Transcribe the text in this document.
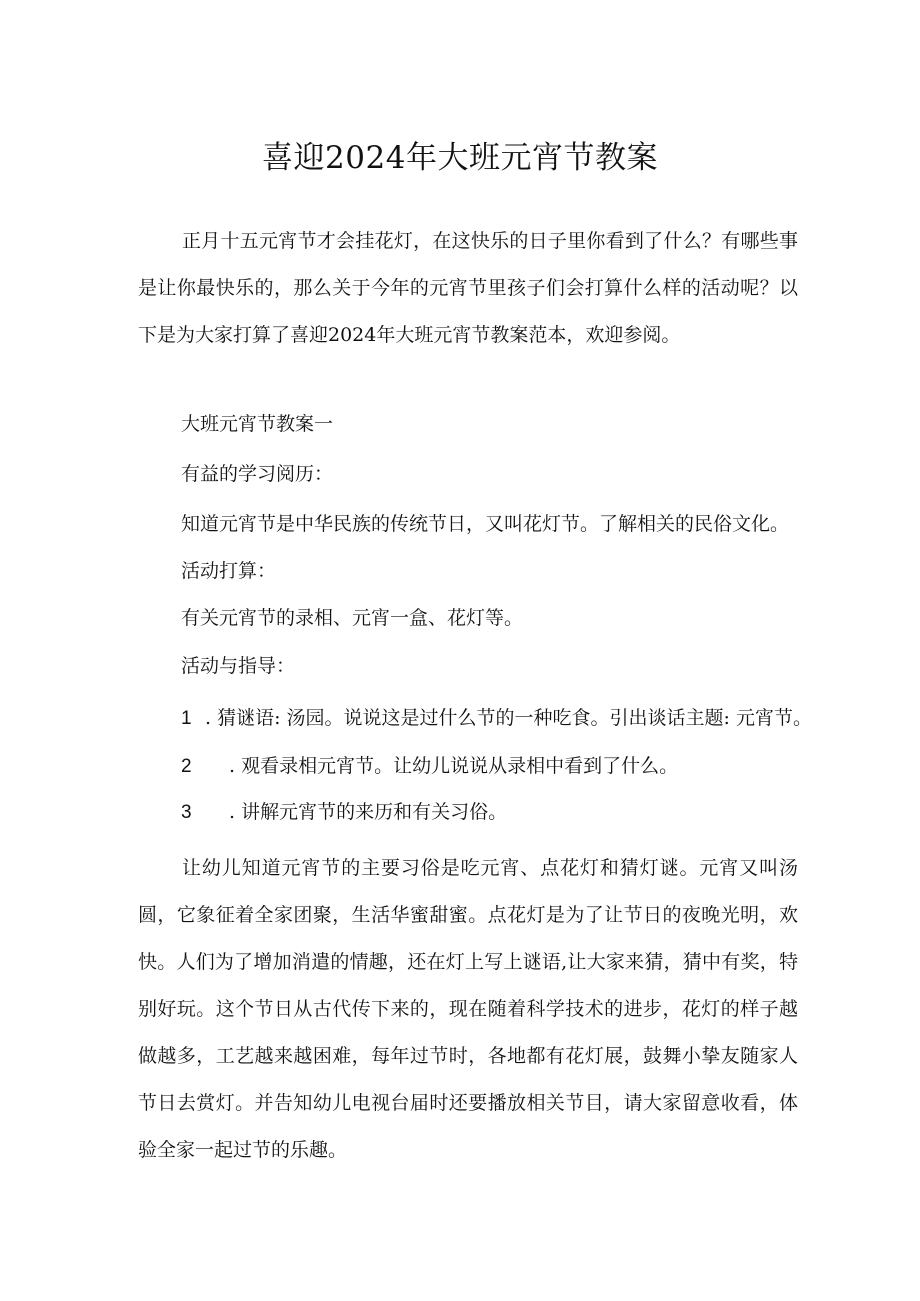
喜迎2024年大班元宵节教案

正月十五元宵节才会挂花灯，在这快乐的日子里你看到了什么？有哪些事是让你最快乐的，那么关于今年的元宵节里孩子们会打算什么样的活动呢？以下是为大家打算了喜迎2024年大班元宵节教案范本，欢迎参阅。

大班元宵节教案一

有益的学习阅历：

知道元宵节是中华民族的传统节日，又叫花灯节。了解相关的民俗文化。

活动打算：

有关元宵节的录相、元宵一盒、花灯等。

活动与指导：

1 . 猜谜语: 汤园。说说这是过什么节的一种吃食。引出谈话主题: 元宵节。

2 . 观看录相元宵节。让幼儿说说从录相中看到了什么。

3 . 讲解元宵节的来历和有关习俗。

让幼儿知道元宵节的主要习俗是吃元宵、点花灯和猜灯谜。元宵又叫汤圆，它象征着全家团聚，生活华蜜甜蜜。点花灯是为了让节日的夜晚光明，欢快。人们为了增加消遣的情趣，还在灯上写上谜语,让大家来猜，猜中有奖，特别好玩。这个节日从古代传下来的，现在随着科学技术的进步，花灯的样子越做越多，工艺越来越困难，每年过节时，各地都有花灯展，鼓舞小挚友随家人节日去赏灯。并告知幼儿电视台届时还要播放相关节目，请大家留意收看，体验全家一起过节的乐趣。
